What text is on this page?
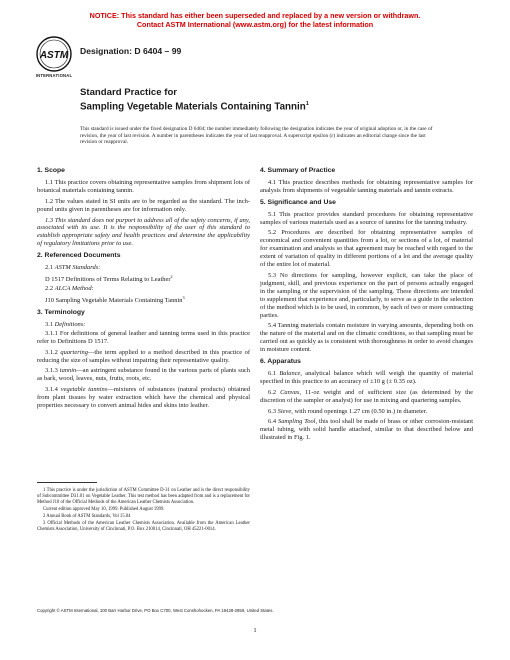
NOTICE: This standard has either been superseded and replaced by a new version or withdrawn.
Contact ASTM International (www.astm.org) for the latest information
ASTM
INTERNATIONAL
Designation: D 6404 – 99
Standard Practice for
Sampling Vegetable Materials Containing Tannin$^1$
This standard is issued under the fixed designation D 6404; the number immediately following the designation indicates the year of original adoption or, in the case of revision, the year of last revision. A number in parentheses indicates the year of last reapproval. A superscript epsilon (ε) indicates an editorial change since the last revision or reapproval.
1. Scope

1.1 This practice covers obtaining representative samples from shipment lots of botanical materials containing tannin.

1.2 The values stated in SI units are to be regarded as the standard. The inch-pound units given in parentheses are for information only.

1.3 This standard does not purport to address all of the safety concerns, if any, associated with its use. It is the responsibility of the user of this standard to establish appropriate safety and health practices and determine the applicability of regulatory limitations prior to use.

2. Referenced Documents

2.1 ASTM Standards:

D 1517 Definitions of Terms Relating to Leather$^2$

2.2 ALCA Method:

J10 Sampling Vegetable Materials Containing Tannin$^3$

3. Terminology

3.1 Definitions:

3.1.1 For definitions of general leather and tanning terms used in this practice refer to Definitions D 1517.

3.1.2 quartering—the term applied to a method described in this practice of reducing the size of samples without impairing their representative quality.

3.1.3 tannin—an astringent substance found in the various parts of plants such as bark, wood, leaves, nuts, fruits, roots, etc.

3.1.4 vegetable tannins—mixtures of substances (natural products) obtained from plant tissues by water extraction which have the chemical and physical properties necessary to convert animal hides and skins into leather.

1 This practice is under the jurisdiction of ASTM Committee D-31 on Leather and is the direct responsibility of Subcommittee D31.01 on Vegetable Leather. This test method has been adapted from and is a replacement for Method J10 of the Official Methods of the American Leather Chemists Association.

Current edition approved May 10, 1999. Published August 1999.

2 Annual Book of ASTM Standards, Vol 15.04

3 Official Methods of the American Leather Chemists Association. Available from the American Leather Chemists Association, University of Cincinnati, P.O. Box 210014, Cincinnati, OH 45221-0014.

4. Summary of Practice

4.1 This practice describes methods for obtaining representative samples for analysis from shipments of vegetable tanning materials and tannin extracts.

5. Significance and Use

5.1 This practice provides standard procedures for obtaining representative samples of various materials used as a source of tannins for the tanning industry.

5.2 Procedures are described for obtaining representative samples of economical and convenient quantities from a lot, or sections of a lot, of material for examination and analysis so that agreement may be reached with regard to the extent of variation of quality in different portions of a lot and the average quality of the entire lot of material.

5.3 No directions for sampling, however explicit, can take the place of judgment, skill, and previous experience on the part of persons actually engaged in the sampling or the supervision of the sampling. These directions are intended to supplement that experience and, particularly, to serve as a guide in the selection of the method which is to be used, in common, by each of two or more contracting parties.

5.4 Tanning materials contain moisture in varying amounts, depending both on the nature of the material and on the climatic conditions, so that sampling must be carried out as quickly as is consistent with thoroughness in order to avoid changes in moisture content.

6. Apparatus

6.1 Balance, analytical balance which will weigh the quantity of material specified in this practice to an accuracy of ±10 g (± 0.35 oz).

6.2 Canvas, 11-oz weight and of sufficient size (as determined by the discretion of the sampler or analyst) for use in mixing and quartering samples.

6.3 Sieve, with round openings 1.27 cm (0.50 in.) in diameter.

6.4 Sampling Tool, this tool shall be made of brass or other corrosion-resistant metal tubing, with solid handle attached, similar to that described below and illustrated in Fig. 1.

Copyright © ASTM International, 100 Barr Harbor Drive, PO Box C700, West Conshohocken, PA 19428-2959, United States.
1
